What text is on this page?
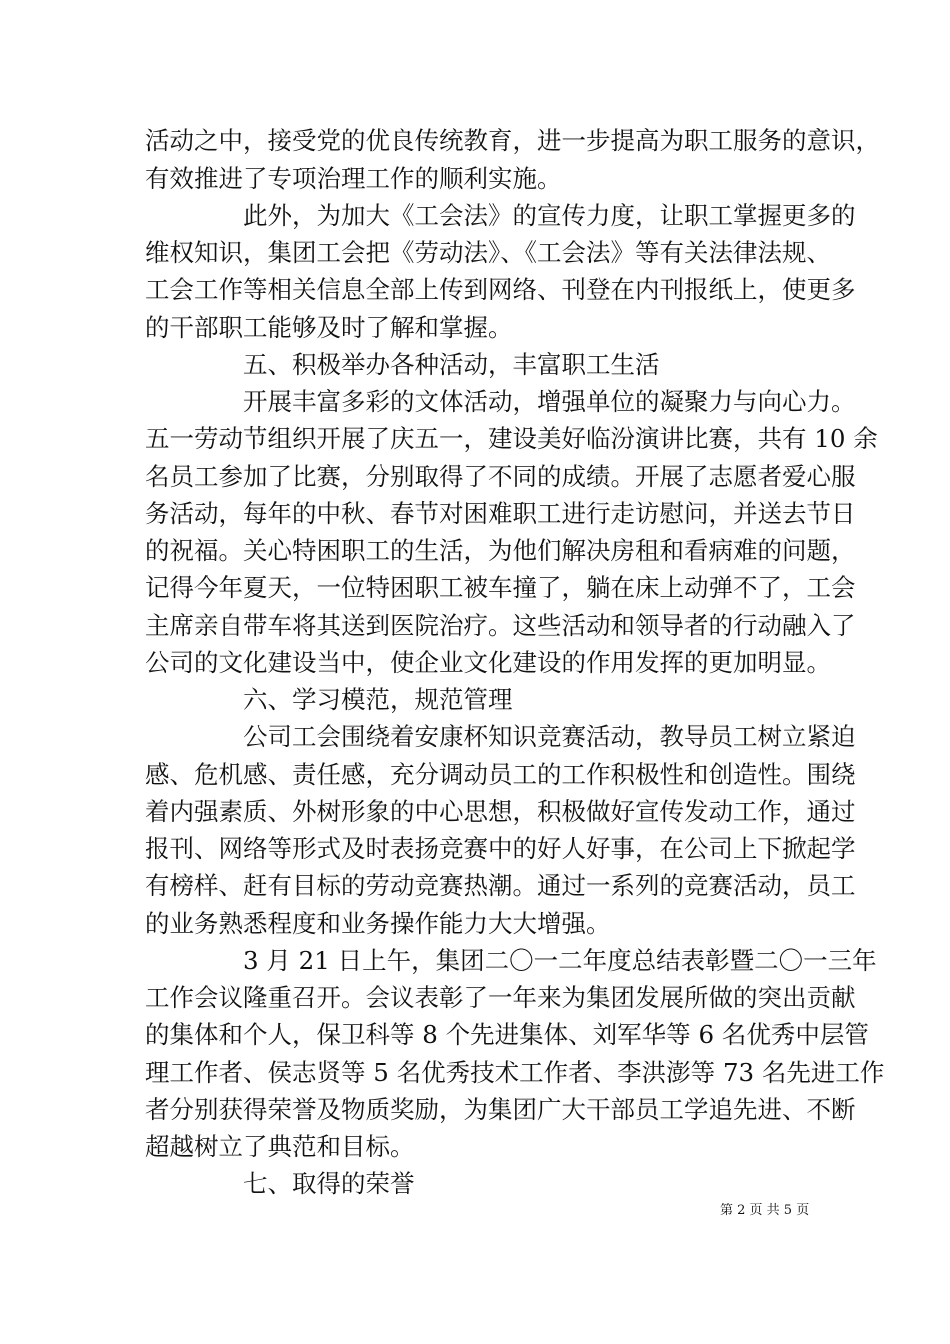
活动之中，接受党的优良传统教育，进一步提高为职工服务的意识，
有效推进了专项治理工作的顺利实施。
此外，为加大《工会法》的宣传力度，让职工掌握更多的
维权知识，集团工会把《劳动法》、《工会法》等有关法律法规、
工会工作等相关信息全部上传到网络、刊登在内刊报纸上，使更多
的干部职工能够及时了解和掌握。
五、积极举办各种活动，丰富职工生活
开展丰富多彩的文体活动，增强单位的凝聚力与向心力。
五一劳动节组织开展了庆五一，建设美好临汾演讲比赛，共有 10 余
名员工参加了比赛，分别取得了不同的成绩。开展了志愿者爱心服
务活动，每年的中秋、春节对困难职工进行走访慰问，并送去节日
的祝福。关心特困职工的生活，为他们解决房租和看病难的问题，
记得今年夏天，一位特困职工被车撞了，躺在床上动弹不了，工会
主席亲自带车将其送到医院治疗。这些活动和领导者的行动融入了
公司的文化建设当中，使企业文化建设的作用发挥的更加明显。
六、学习模范，规范管理
公司工会围绕着安康杯知识竞赛活动，教导员工树立紧迫
感、危机感、责任感，充分调动员工的工作积极性和创造性。围绕
着内强素质、外树形象的中心思想，积极做好宣传发动工作，通过
报刊、网络等形式及时表扬竞赛中的好人好事，在公司上下掀起学
有榜样、赶有目标的劳动竞赛热潮。通过一系列的竞赛活动，员工
的业务熟悉程度和业务操作能力大大增强。
3 月 21 日上午，集团二〇一二年度总结表彰暨二〇一三年
工作会议隆重召开。会议表彰了一年来为集团发展所做的突出贡献
的集体和个人，保卫科等 8 个先进集体、刘军华等 6 名优秀中层管
理工作者、侯志贤等 5 名优秀技术工作者、李洪澎等 73 名先进工作
者分别获得荣誉及物质奖励，为集团广大干部员工学追先进、不断
超越树立了典范和目标。
七、取得的荣誉
第 2 页 共 5 页
